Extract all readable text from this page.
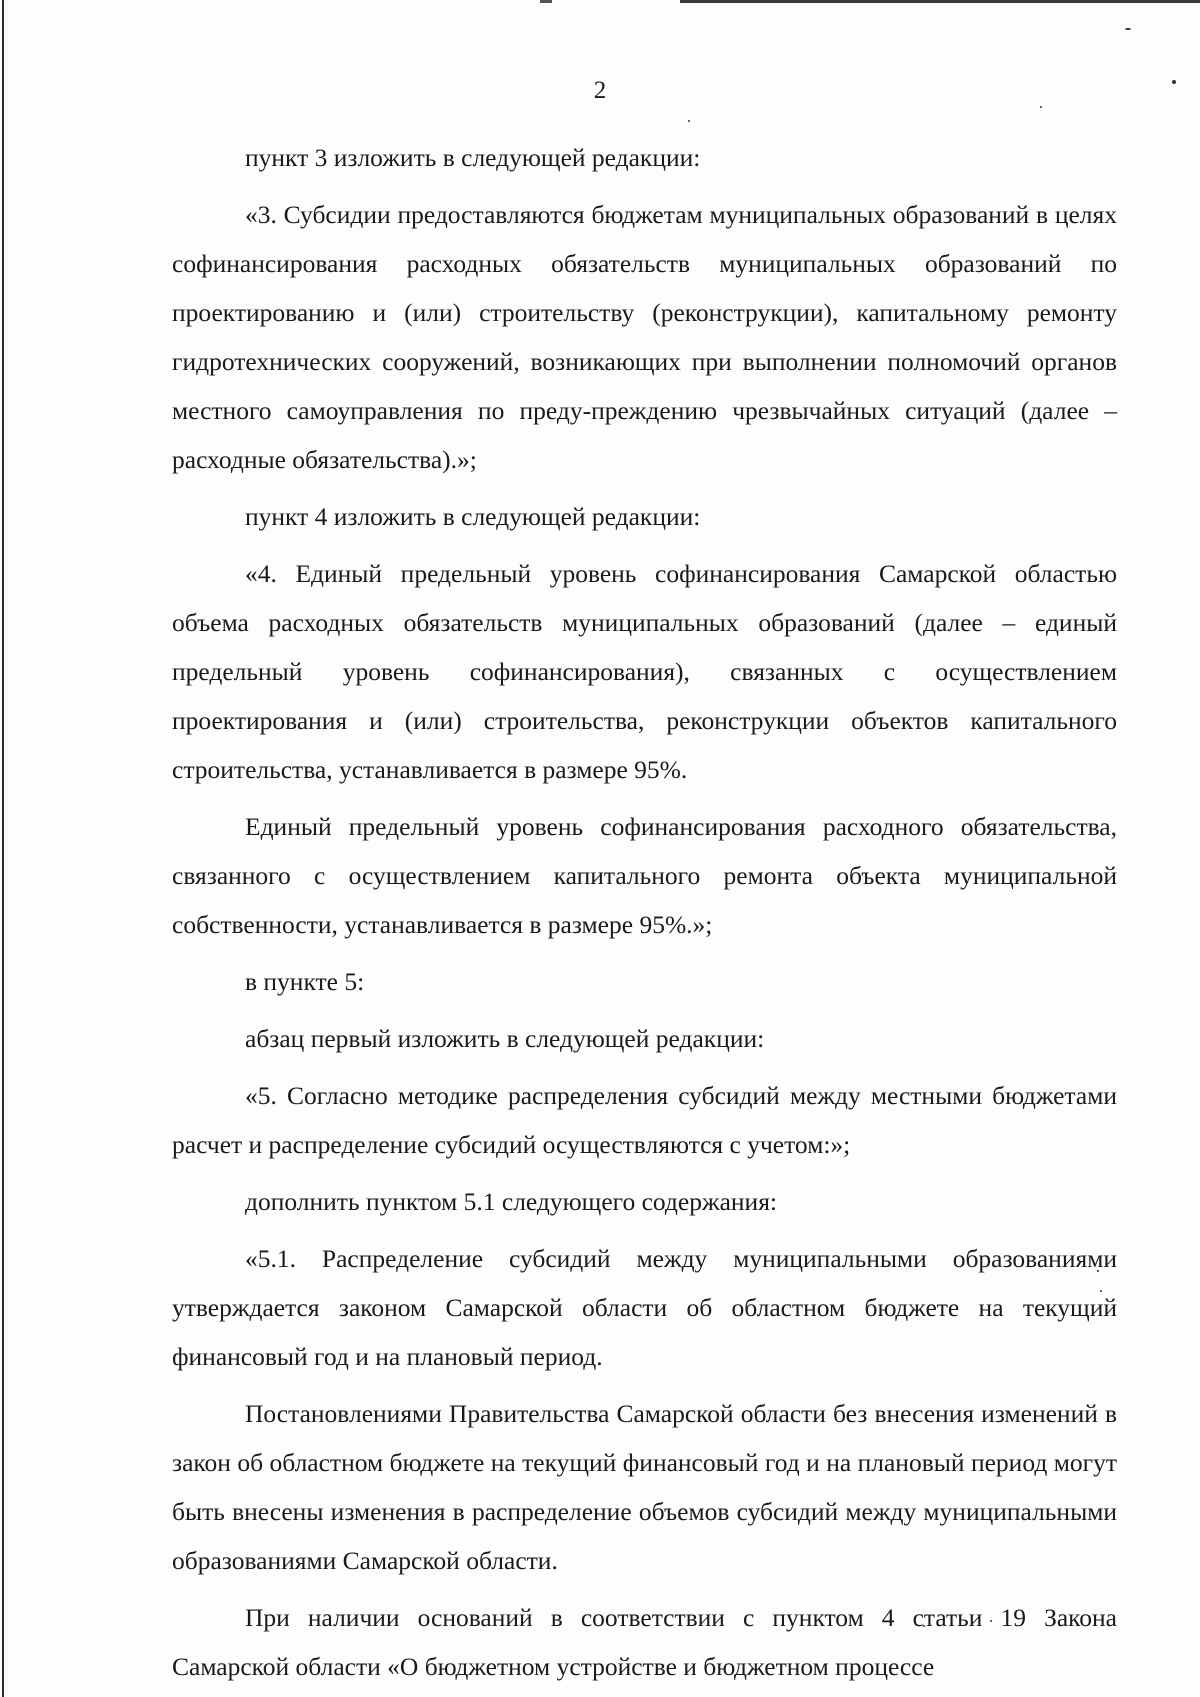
2

пункт 3 изложить в следующей редакции:

«3. Субсидии предоставляются бюджетам муниципальных образований в целях софинансирования расходных обязательств муниципальных образований по проектированию и (или) строительству (реконструкции), капитальному ремонту гидротехнических сооружений, возникающих при выполнении полномочий органов местного самоуправления по преду-преждению чрезвычайных ситуаций (далее – расходные обязательства).»;

пункт 4 изложить в следующей редакции:

«4. Единый предельный уровень софинансирования Самарской областью объема расходных обязательств муниципальных образований (далее – единый предельный уровень софинансирования), связанных с осуществлением проектирования и (или) строительства, реконструкции объектов капитального строительства, устанавливается в размере 95%.

Единый предельный уровень софинансирования расходного обязательства, связанного с осуществлением капитального ремонта объекта муниципальной собственности, устанавливается в размере 95%.»;

в пункте 5:

абзац первый изложить в следующей редакции:

«5. Согласно методике распределения субсидий между местными бюджетами расчет и распределение субсидий осуществляются с учетом:»;

дополнить пунктом 5.1 следующего содержания:

«5.1. Распределение субсидий между муниципальными образованиями утверждается законом Самарской области об областном бюджете на текущий финансовый год и на плановый период.

Постановлениями Правительства Самарской области без внесения изменений в закон об областном бюджете на текущий финансовый год и на плановый период могут быть внесены изменения в распределение объемов субсидий между муниципальными образованиями Самарской области.

При наличии оснований в соответствии с пунктом 4 статьи 19 Закона Самарской области «О бюджетном устройстве и бюджетном процессе
